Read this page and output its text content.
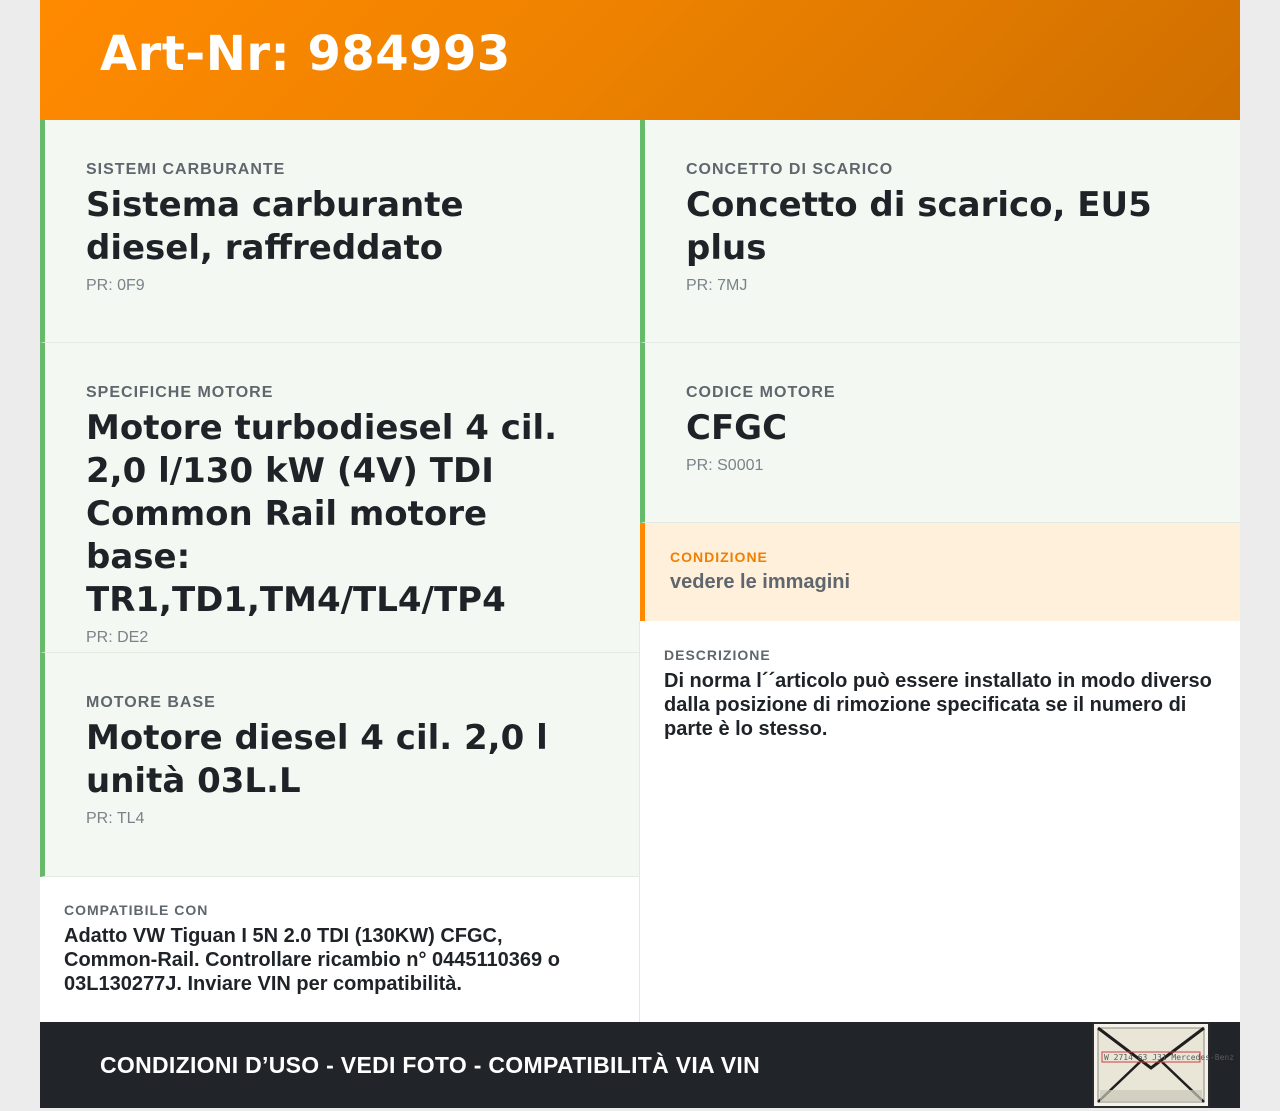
Art-Nr: 984993
SISTEMI CARBURANTE
Sistema carburante diesel, raffreddato
PR: 0F9
CONCETTO DI SCARICO
Concetto di scarico, EU5 plus
PR: 7MJ
SPECIFICHE MOTORE
Motore turbodiesel 4 cil. 2,0 l/130 kW (4V) TDI Common Rail motore base: TR1,TD1,TM4/TL4/TP4
PR: DE2
CODICE MOTORE
CFGC
PR: S0001
MOTORE BASE
Motore diesel 4 cil. 2,0 l unità 03L.L
PR: TL4
CONDIZIONE
vedere le immagini
DESCRIZIONE
Di norma l´´articolo può essere installato in modo diverso dalla posizione di rimozione specificata se il numero di parte è lo stesso.
COMPATIBILE CON
Adatto VW Tiguan I 5N 2.0 TDI (130KW) CFGC, Common-Rail. Controllare ricambio n° 0445110369 o 03L130277J. Inviare VIN per compatibilità.
CONDIZIONI D’USO - VEDI FOTO - COMPATIBILITÀ VIA VIN	W 2714 63 J31 Mercedes-Benz
